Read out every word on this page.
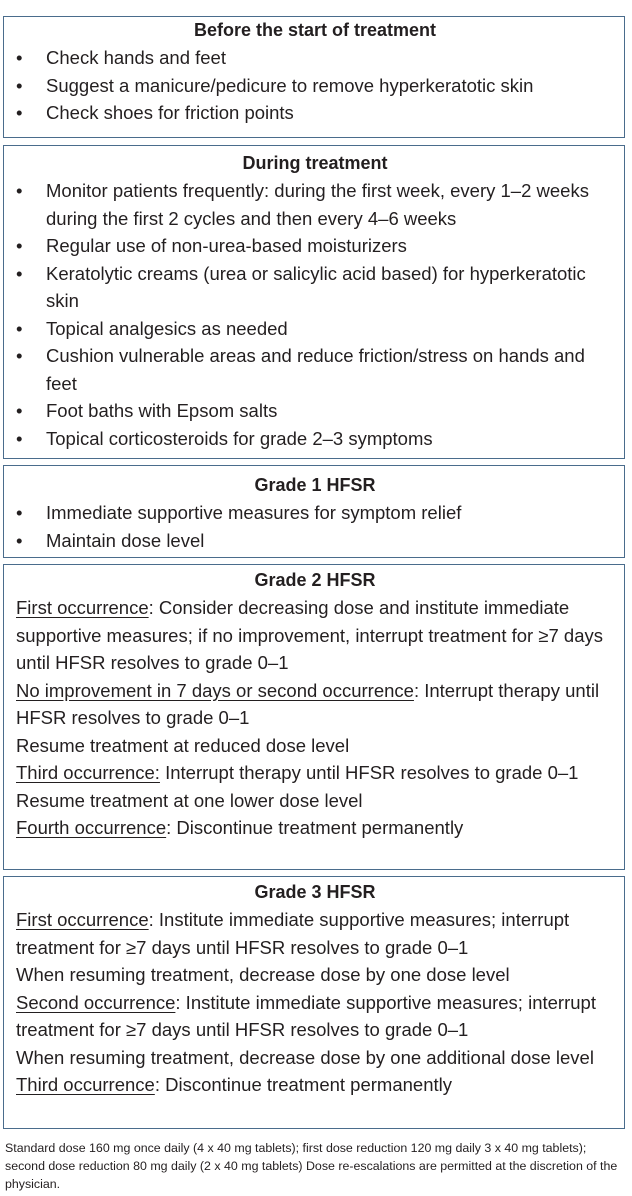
Before the start of treatment

• Check hands and feet
• Suggest a manicure/pedicure to remove hyperkeratotic skin
• Check shoes for friction points

During treatment

• Monitor patients frequently: during the first week, every 1–2 weeks during the first 2 cycles and then every 4–6 weeks
• Regular use of non-urea-based moisturizers
• Keratolytic creams (urea or salicylic acid based) for hyperkeratotic skin
• Topical analgesics as needed
• Cushion vulnerable areas and reduce friction/stress on hands and feet
• Foot baths with Epsom salts
• Topical corticosteroids for grade 2–3 symptoms

Grade 1 HFSR

• Immediate supportive measures for symptom relief
• Maintain dose level

Grade 2 HFSR

First occurrence: Consider decreasing dose and institute immediate supportive measures; if no improvement, interrupt treatment for ≥7 days until HFSR resolves to grade 0–1

No improvement in 7 days or second occurrence: Interrupt therapy until HFSR resolves to grade 0–1

Resume treatment at reduced dose level

Third occurrence: Interrupt therapy until HFSR resolves to grade 0–1

Resume treatment at one lower dose level

Fourth occurrence: Discontinue treatment permanently

Grade 3 HFSR

First occurrence: Institute immediate supportive measures; interrupt treatment for ≥7 days until HFSR resolves to grade 0–1

When resuming treatment, decrease dose by one dose level

Second occurrence: Institute immediate supportive measures; interrupt treatment for ≥7 days until HFSR resolves to grade 0–1

When resuming treatment, decrease dose by one additional dose level

Third occurrence: Discontinue treatment permanently

Standard dose 160 mg once daily (4 x 40 mg tablets); first dose reduction 120 mg daily 3 x 40 mg tablets); second dose reduction 80 mg daily (2 x 40 mg tablets) Dose re-escalations are permitted at the discretion of the physician.
